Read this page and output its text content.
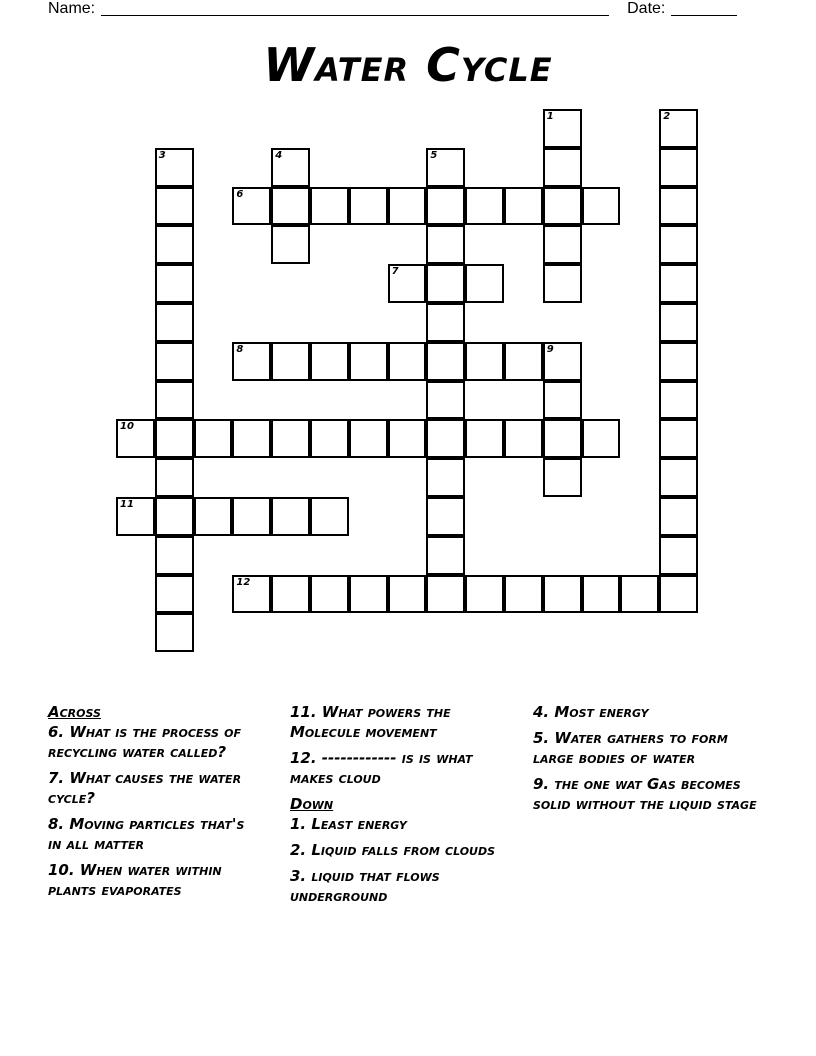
Name:	Date:
Water Cycle
1	2
3	4	5
6
7
8	9
10
11
12
Across
6. What is the process of recycling water called?
7. What causes the water cycle?
8. Moving particles that's in all matter
10. When water within plants evaporates
11. What powers the Molecule movement
12. ------------ is is what makes cloud
Down
1. Least energy
2. Liquid falls from clouds
3. liquid that flows underground
4. Most energy
5. Water gathers to form large bodies of water
9. the one wat Gas becomes solid without the liquid stage
